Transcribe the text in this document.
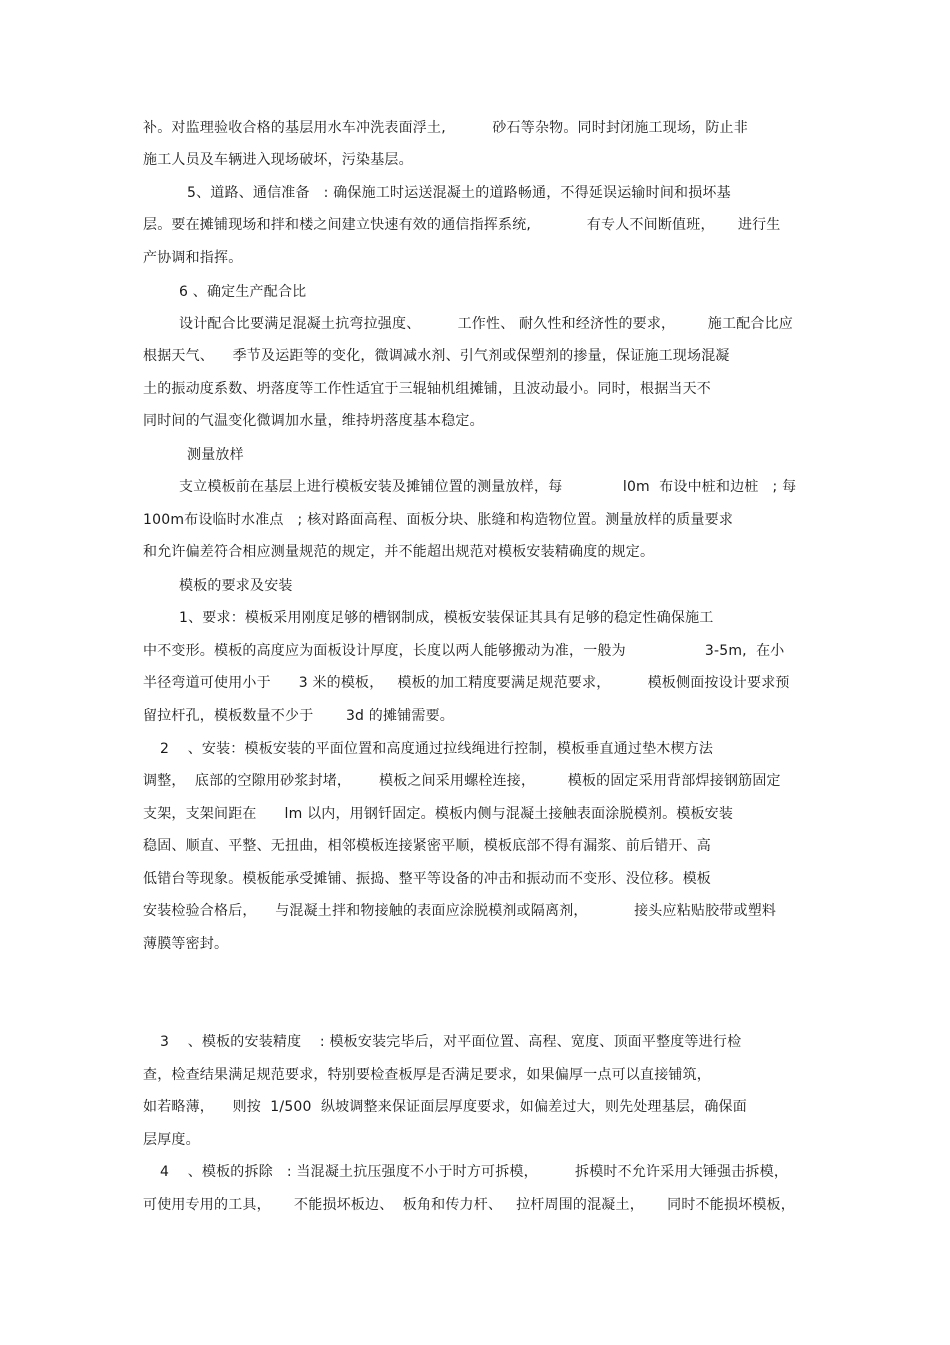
补。对监理验收合格的基层用水车冲洗表面浮土,          砂石等杂物。同时封闭施工现场，防止非
施工人员及车辆进入现场破坏，污染基层。
5、道路、通信准备   : 确保施工时运送混凝土的道路畅通，不得延误运输时间和损坏基
层。要在摊铺现场和拌和楼之间建立快速有效的通信指挥系统,            有专人不间断值班，     进行生
产协调和指挥。
6 、确定生产配合比
设计配合比要满足混凝土抗弯拉强度、        工作性、 耐久性和经济性的要求，       施工配合比应
根据天气、    季节及运距等的变化，微调减水剂、引气剂或保塑剂的掺量，保证施工现场混凝
土的振动度系数、坍落度等工作性适宜于三辊轴机组摊铺，且波动最小。同时，根据当天不
同时间的气温变化微调加水量，维持坍落度基本稳定。
测量放样
支立模板前在基层上进行模板安装及摊铺位置的测量放样，每             l0m  布设中桩和边桩   ; 每
100m布设临时水准点   ; 核对路面高程、面板分块、胀缝和构造物位置。测量放样的质量要求
和允许偏差符合相应测量规范的规定，并不能超出规范对模板安装精确度的规定。
模板的要求及安装
1、要求：模板采用刚度足够的槽钢制成，模板安装保证其具有足够的稳定性确保施工
中不变形。模板的高度应为面板设计厚度，长度以两人能够搬动为准，一般为                 3-5m,  在小
半径弯道可使用小于      3 米的模板，   模板的加工精度要满足规范要求，        模板侧面按设计要求预
留拉杆孔，模板数量不少于       3d 的摊铺需要。
2    、安装：模板安装的平面位置和高度通过拉线绳进行控制，模板垂直通过垫木楔方法
调整，  底部的空隙用砂浆封堵，      模板之间采用螺栓连接，       模板的固定采用背部焊接钢筋固定
支架，支架间距在      lm 以内，用钢钎固定。模板内侧与混凝土接触表面涂脱模剂。模板安装
稳固、顺直、平整、无扭曲，相邻模板连接紧密平顺，模板底部不得有漏浆、前后错开、高
低错台等现象。模板能承受摊铺、振捣、整平等设备的冲击和振动而不变形、没位移。模板
安装检验合格后，    与混凝土拌和物接触的表面应涂脱模剂或隔离剂，          接头应粘贴胶带或塑料
薄膜等密封。
3    、模板的安装精度    : 模板安装完毕后，对平面位置、高程、宽度、顶面平整度等进行检
查，检查结果满足规范要求，特别要检查板厚是否满足要求，如果偏厚一点可以直接铺筑，
如若略薄，    则按  1/500  纵坡调整来保证面层厚度要求，如偏差过大，则先处理基层，确保面
层厚度。
4    、模板的拆除   : 当混凝土抗压强度不小于时方可拆模，        拆模时不允许采用大锤强击拆模，
可使用专用的工具，     不能损坏板边、  板角和传力杆、   拉杆周围的混凝土，     同时不能损坏模板，
